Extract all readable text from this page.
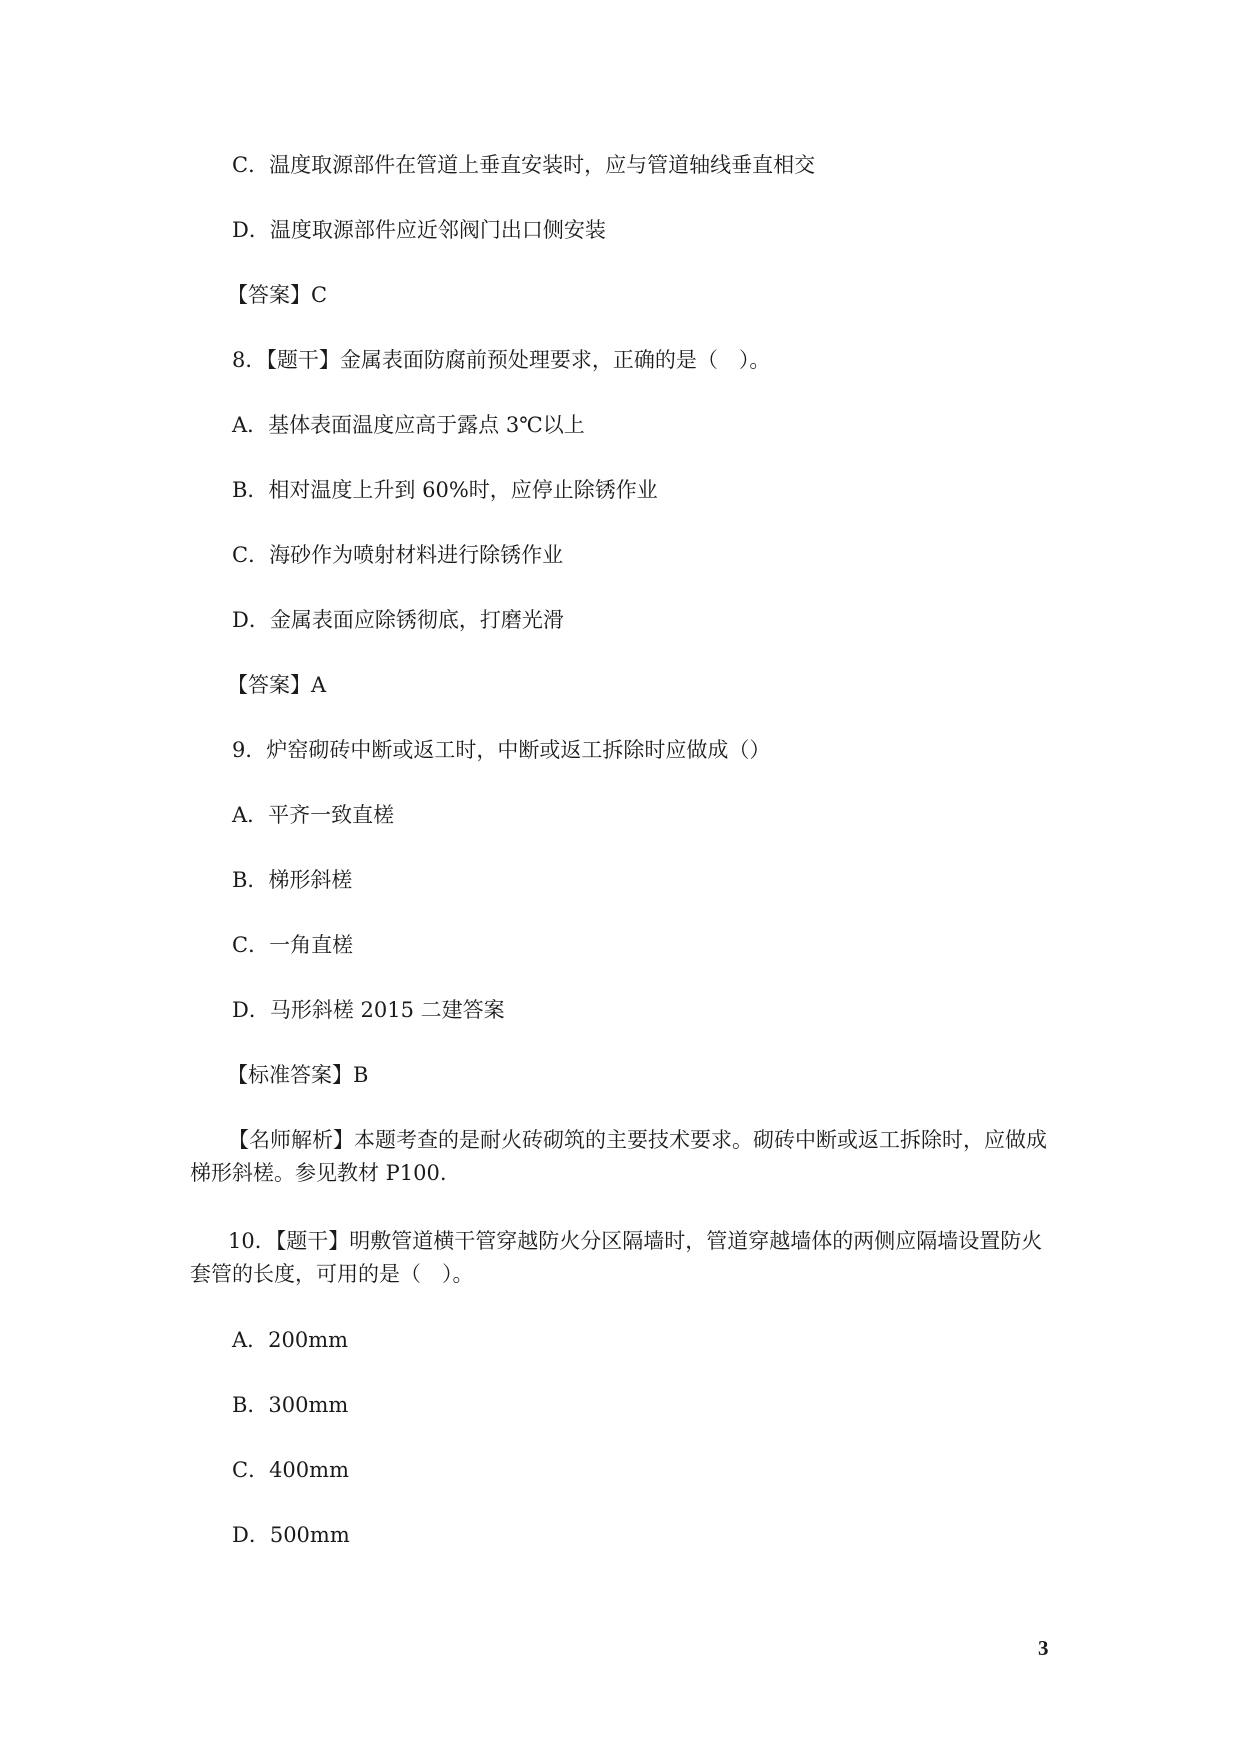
C．温度取源部件在管道上垂直安装时，应与管道轴线垂直相交
D．温度取源部件应近邻阀门出口侧安装
【答案】C
8．【题干】金属表面防腐前预处理要求，正确的是（　）。
A．基体表面温度应高于露点 3℃以上
B．相对温度上升到 60%时，应停止除锈作业
C．海砂作为喷射材料进行除锈作业
D．金属表面应除锈彻底，打磨光滑
【答案】A
9．炉窑砌砖中断或返工时，中断或返工拆除时应做成（）
A．平齐一致直槎
B．梯形斜槎
C．一角直槎
D．马形斜槎 2015 二建答案
【标准答案】B
【名师解析】本题考查的是耐火砖砌筑的主要技术要求。砌砖中断或返工拆除时，应做成梯形斜槎。参见教材 P100.
10．【题干】明敷管道横干管穿越防火分区隔墙时，管道穿越墙体的两侧应隔墙设置防火套管的长度，可用的是（　）。
A．200mm
B．300mm
C．400mm
D．500mm
3
